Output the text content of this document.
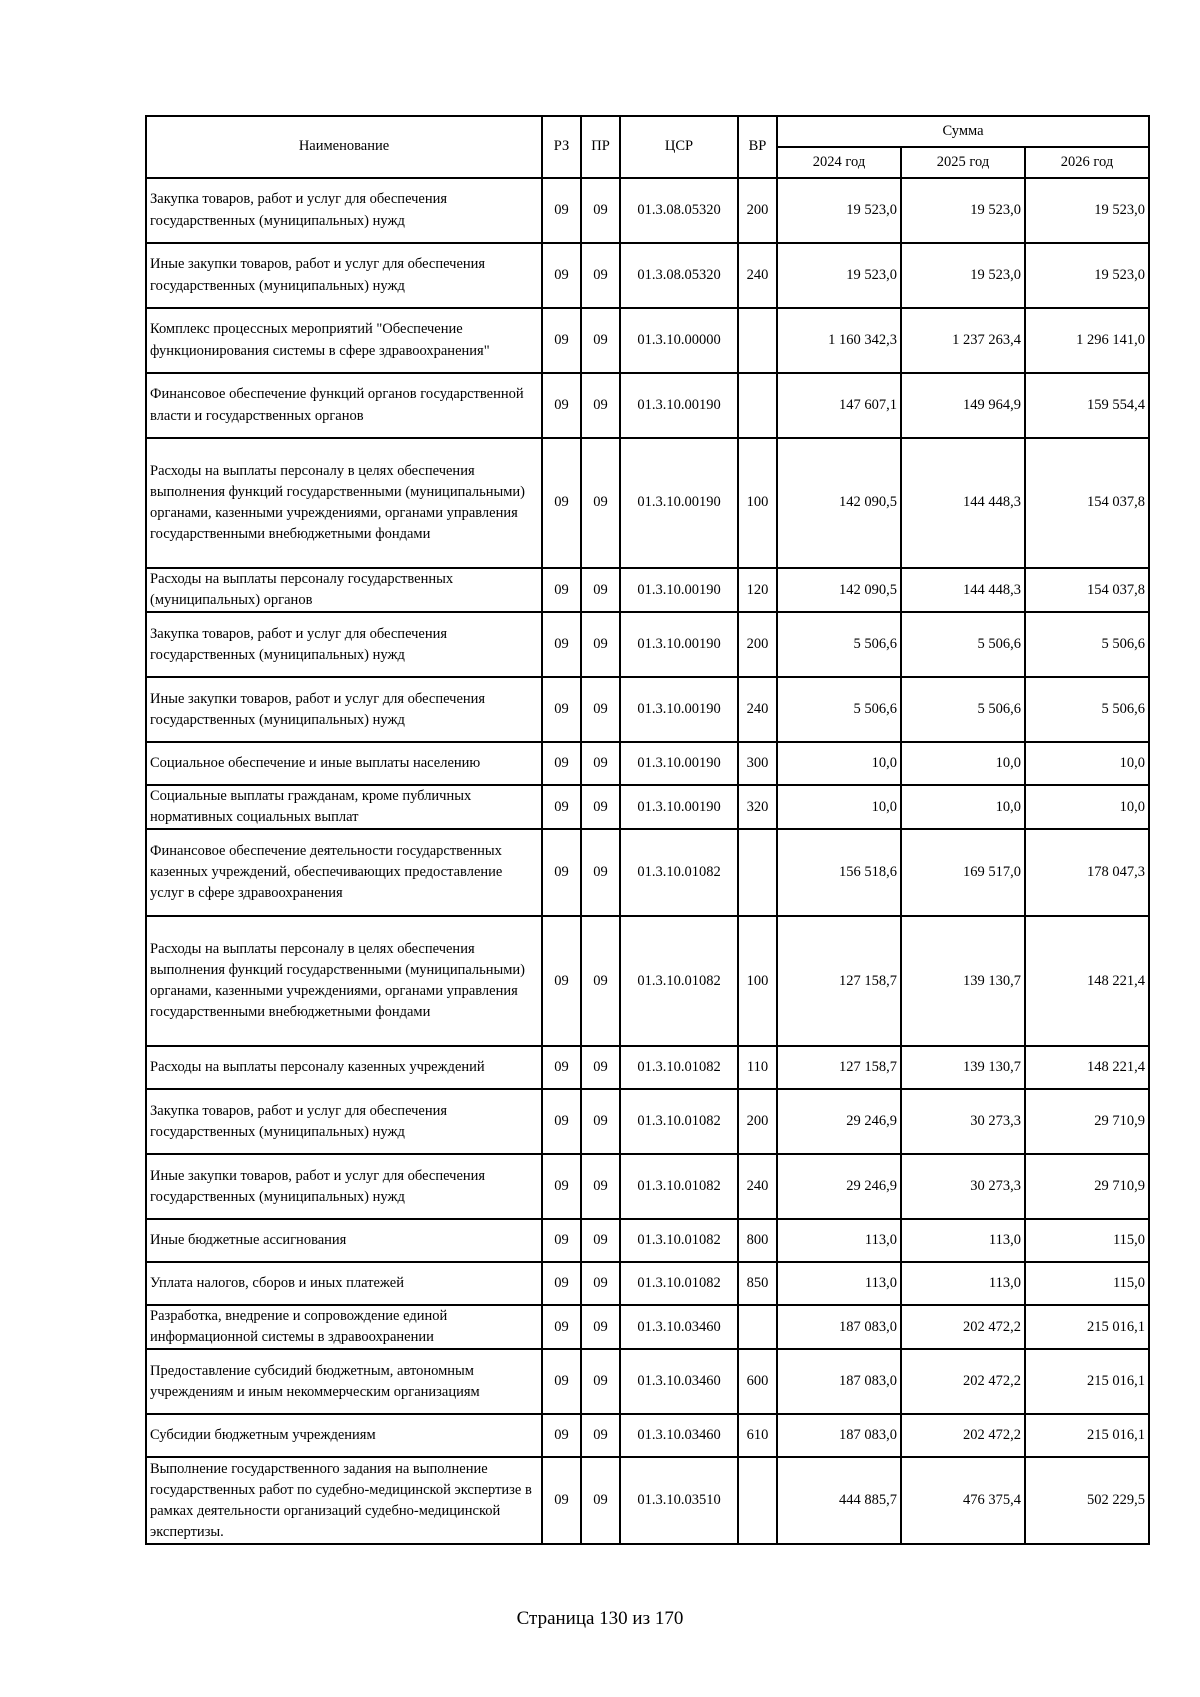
Наименование	РЗ	ПР	ЦСР	ВР	Сумма		
					2024 год	2025 год	2026 год
Закупка товаров, работ и услуг для обеспечения государственных (муниципальных) нужд	09	09	01.3.08.05320	200	19 523,0	19 523,0	19 523,0
Иные закупки товаров, работ и услуг для обеспечения государственных (муниципальных) нужд	09	09	01.3.08.05320	240	19 523,0	19 523,0	19 523,0
Комплекс процессных мероприятий "Обеспечение функционирования системы в сфере здравоохранения"	09	09	01.3.10.00000		1 160 342,3	1 237 263,4	1 296 141,0
Финансовое обеспечение функций органов государственной власти и государственных органов	09	09	01.3.10.00190		147 607,1	149 964,9	159 554,4
Расходы на выплаты персоналу в целях обеспечения выполнения функций государственными (муниципальными) органами, казенными учреждениями, органами управления государственными внебюджетными фондами	09	09	01.3.10.00190	100	142 090,5	144 448,3	154 037,8
Расходы на выплаты персоналу государственных (муниципальных) органов	09	09	01.3.10.00190	120	142 090,5	144 448,3	154 037,8
Закупка товаров, работ и услуг для обеспечения государственных (муниципальных) нужд	09	09	01.3.10.00190	200	5 506,6	5 506,6	5 506,6
Иные закупки товаров, работ и услуг для обеспечения государственных (муниципальных) нужд	09	09	01.3.10.00190	240	5 506,6	5 506,6	5 506,6
Социальное обеспечение и иные выплаты населению	09	09	01.3.10.00190	300	10,0	10,0	10,0
Социальные выплаты гражданам, кроме публичных нормативных социальных выплат	09	09	01.3.10.00190	320	10,0	10,0	10,0
Финансовое обеспечение деятельности государственных казенных учреждений, обеспечивающих предоставление услуг в сфере здравоохранения	09	09	01.3.10.01082		156 518,6	169 517,0	178 047,3
Расходы на выплаты персоналу в целях обеспечения выполнения функций государственными (муниципальными) органами, казенными учреждениями, органами управления государственными внебюджетными фондами	09	09	01.3.10.01082	100	127 158,7	139 130,7	148 221,4
Расходы на выплаты персоналу казенных учреждений	09	09	01.3.10.01082	110	127 158,7	139 130,7	148 221,4
Закупка товаров, работ и услуг для обеспечения государственных (муниципальных) нужд	09	09	01.3.10.01082	200	29 246,9	30 273,3	29 710,9
Иные закупки товаров, работ и услуг для обеспечения государственных (муниципальных) нужд	09	09	01.3.10.01082	240	29 246,9	30 273,3	29 710,9
Иные бюджетные ассигнования	09	09	01.3.10.01082	800	113,0	113,0	115,0
Уплата налогов, сборов и иных платежей	09	09	01.3.10.01082	850	113,0	113,0	115,0
Разработка, внедрение и сопровождение единой информационной системы в здравоохранении	09	09	01.3.10.03460		187 083,0	202 472,2	215 016,1
Предоставление субсидий бюджетным, автономным учреждениям и иным некоммерческим организациям	09	09	01.3.10.03460	600	187 083,0	202 472,2	215 016,1
Субсидии бюджетным учреждениям	09	09	01.3.10.03460	610	187 083,0	202 472,2	215 016,1
Выполнение государственного задания на выполнение государственных работ по судебно-медицинской экспертизе в рамках деятельности организаций судебно-медицинской экспертизы.	09	09	01.3.10.03510		444 885,7	476 375,4	502 229,5
Страница 130 из 170
